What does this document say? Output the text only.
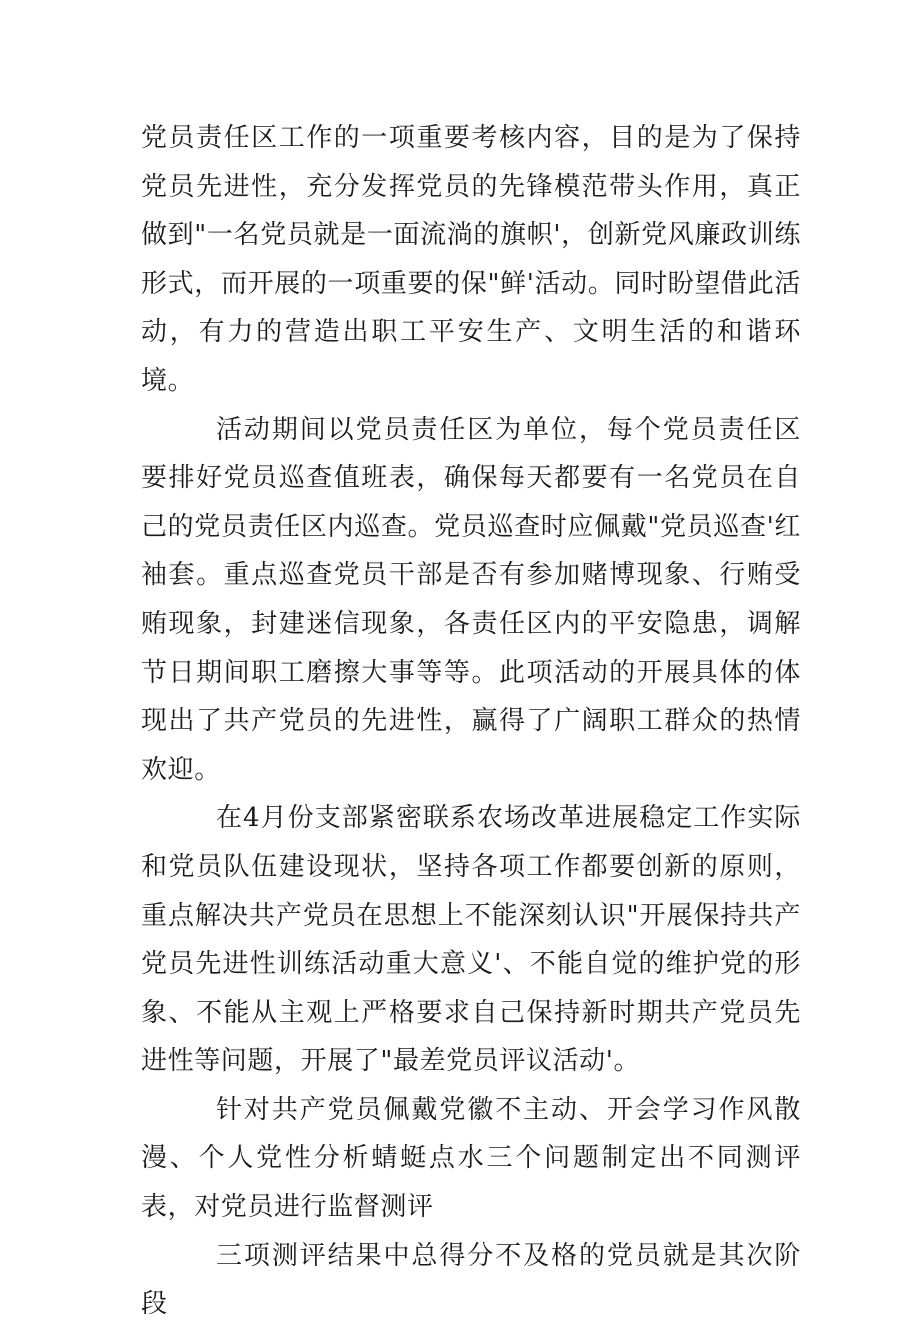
党员责任区工作的一项重要考核内容，目的是为了保持党员先进性，充分发挥党员的先锋模范带头作用，真正做到"一名党员就是一面流淌的旗帜'，创新党风廉政训练形式，而开展的一项重要的保"鲜'活动。同时盼望借此活动，有力的营造出职工平安生产、文明生活的和谐环境。

活动期间以党员责任区为单位，每个党员责任区要排好党员巡查值班表，确保每天都要有一名党员在自己的党员责任区内巡查。党员巡查时应佩戴"党员巡查'红袖套。重点巡查党员干部是否有参加赌博现象、行贿受贿现象，封建迷信现象，各责任区内的平安隐患，调解节日期间职工磨擦大事等等。此项活动的开展具体的体现出了共产党员的先进性，赢得了广阔职工群众的热情欢迎。

在4月份支部紧密联系农场改革进展稳定工作实际和党员队伍建设现状，坚持各项工作都要创新的原则，重点解决共产党员在思想上不能深刻认识"开展保持共产党员先进性训练活动重大意义'、不能自觉的维护党的形象、不能从主观上严格要求自己保持新时期共产党员先进性等问题，开展了"最差党员评议活动'。

针对共产党员佩戴党徽不主动、开会学习作风散漫、个人党性分析蜻蜓点水三个问题制定出不同测评表，对党员进行监督测评

三项测评结果中总得分不及格的党员就是其次阶段
